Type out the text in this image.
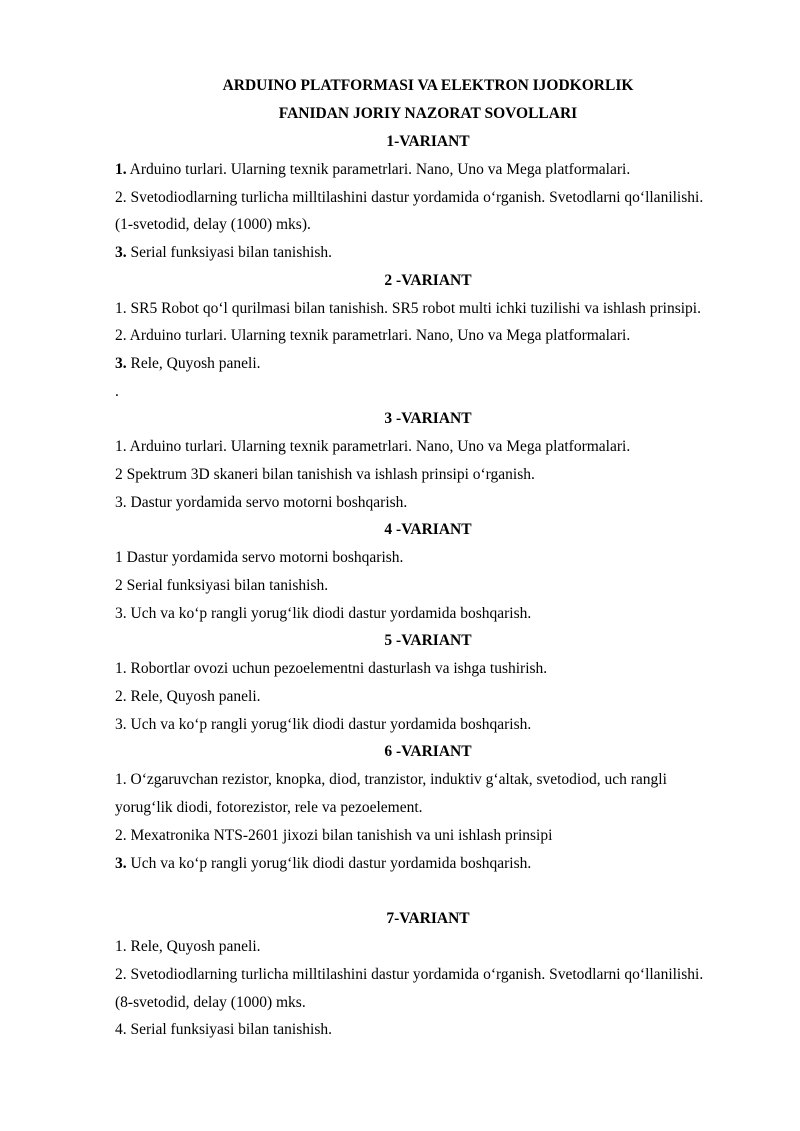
ARDUINO PLATFORMASI VA ELEKTRON IJODKORLIK
FANIDAN JORIY NAZORAT SOVOLLARI
1-VARIANT
1. Arduino turlari. Ularning texnik parametrlari. Nano, Uno va Mega platformalari.
2. Svetodiodlarning turlicha milltilashini dastur yordamida o‘rganish. Svetodlarni qo‘llanilishi.
(1-svetodid, delay (1000) mks).
3. Serial funksiyasi bilan tanishish.
2 -VARIANT
1. SR5 Robot qo‘l qurilmasi bilan tanishish. SR5 robot multi ichki tuzilishi va ishlash prinsipi.
2. Arduino turlari. Ularning texnik parametrlari. Nano, Uno va Mega platformalari.
3. Rele, Quyosh paneli.
.
3 -VARIANT
1. Arduino turlari. Ularning texnik parametrlari. Nano, Uno va Mega platformalari.
2 Spektrum 3D skaneri bilan tanishish va ishlash prinsipi o‘rganish.
3. Dastur yordamida servo motorni boshqarish.
4 -VARIANT
1 Dastur yordamida servo motorni boshqarish.
2 Serial funksiyasi bilan tanishish.
3. Uch va ko‘p rangli yorug‘lik diodi dastur yordamida boshqarish.
5 -VARIANT
1. Robortlar ovozi uchun pezoelementni dasturlash va ishga tushirish.
2. Rele, Quyosh paneli.
3. Uch va ko‘p rangli yorug‘lik diodi dastur yordamida boshqarish.
6 -VARIANT
1. O‘zgaruvchan rezistor, knopka, diod, tranzistor, induktiv g‘altak, svetodiod, uch rangli
yorug‘lik diodi, fotorezistor, rele va pezoelement.
2. Mexatronika NTS-2601 jixozi bilan tanishish va uni ishlash prinsipi
3. Uch va ko‘p rangli yorug‘lik diodi dastur yordamida boshqarish.
7-VARIANT
1. Rele, Quyosh paneli.
2. Svetodiodlarning turlicha milltilashini dastur yordamida o‘rganish. Svetodlarni qo‘llanilishi.
(8-svetodid, delay (1000) mks.
4. Serial funksiyasi bilan tanishish.
